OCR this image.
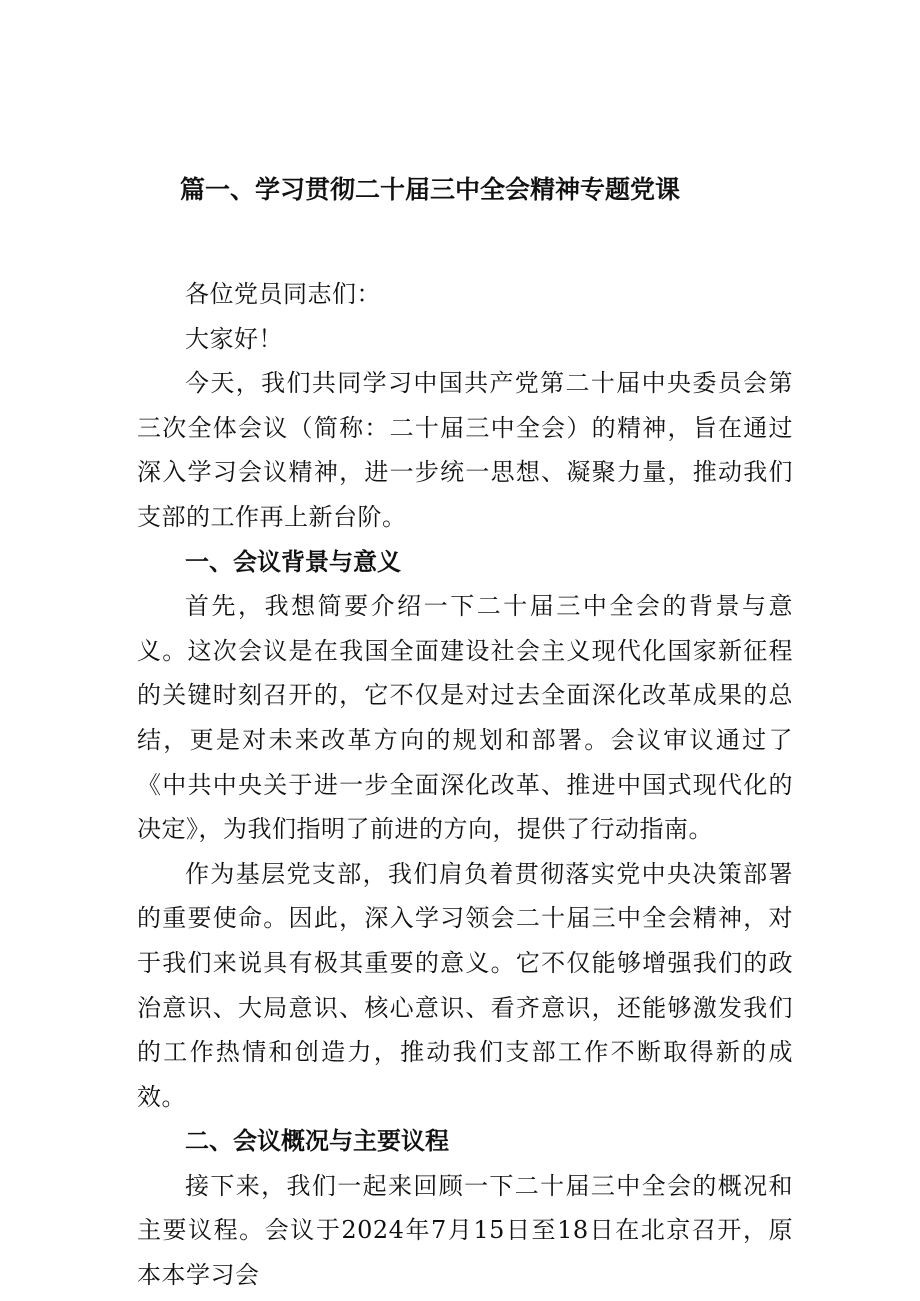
篇一、学习贯彻二十届三中全会精神专题党课

各位党员同志们：

大家好！

今天，我们共同学习中国共产党第二十届中央委员会第三次全体会议（简称：二十届三中全会）的精神，旨在通过深入学习会议精神，进一步统一思想、凝聚力量，推动我们支部的工作再上新台阶。

一、会议背景与意义

首先，我想简要介绍一下二十届三中全会的背景与意义。这次会议是在我国全面建设社会主义现代化国家新征程的关键时刻召开的，它不仅是对过去全面深化改革成果的总结，更是对未来改革方向的规划和部署。会议审议通过了《中共中央关于进一步全面深化改革、推进中国式现代化的决定》，为我们指明了前进的方向，提供了行动指南。

作为基层党支部，我们肩负着贯彻落实党中央决策部署的重要使命。因此，深入学习领会二十届三中全会精神，对于我们来说具有极其重要的意义。它不仅能够增强我们的政治意识、大局意识、核心意识、看齐意识，还能够激发我们的工作热情和创造力，推动我们支部工作不断取得新的成效。

二、会议概况与主要议程

接下来，我们一起来回顾一下二十届三中全会的概况和主要议程。会议于2024年7月15日至18日在北京召开，原本本学习会
